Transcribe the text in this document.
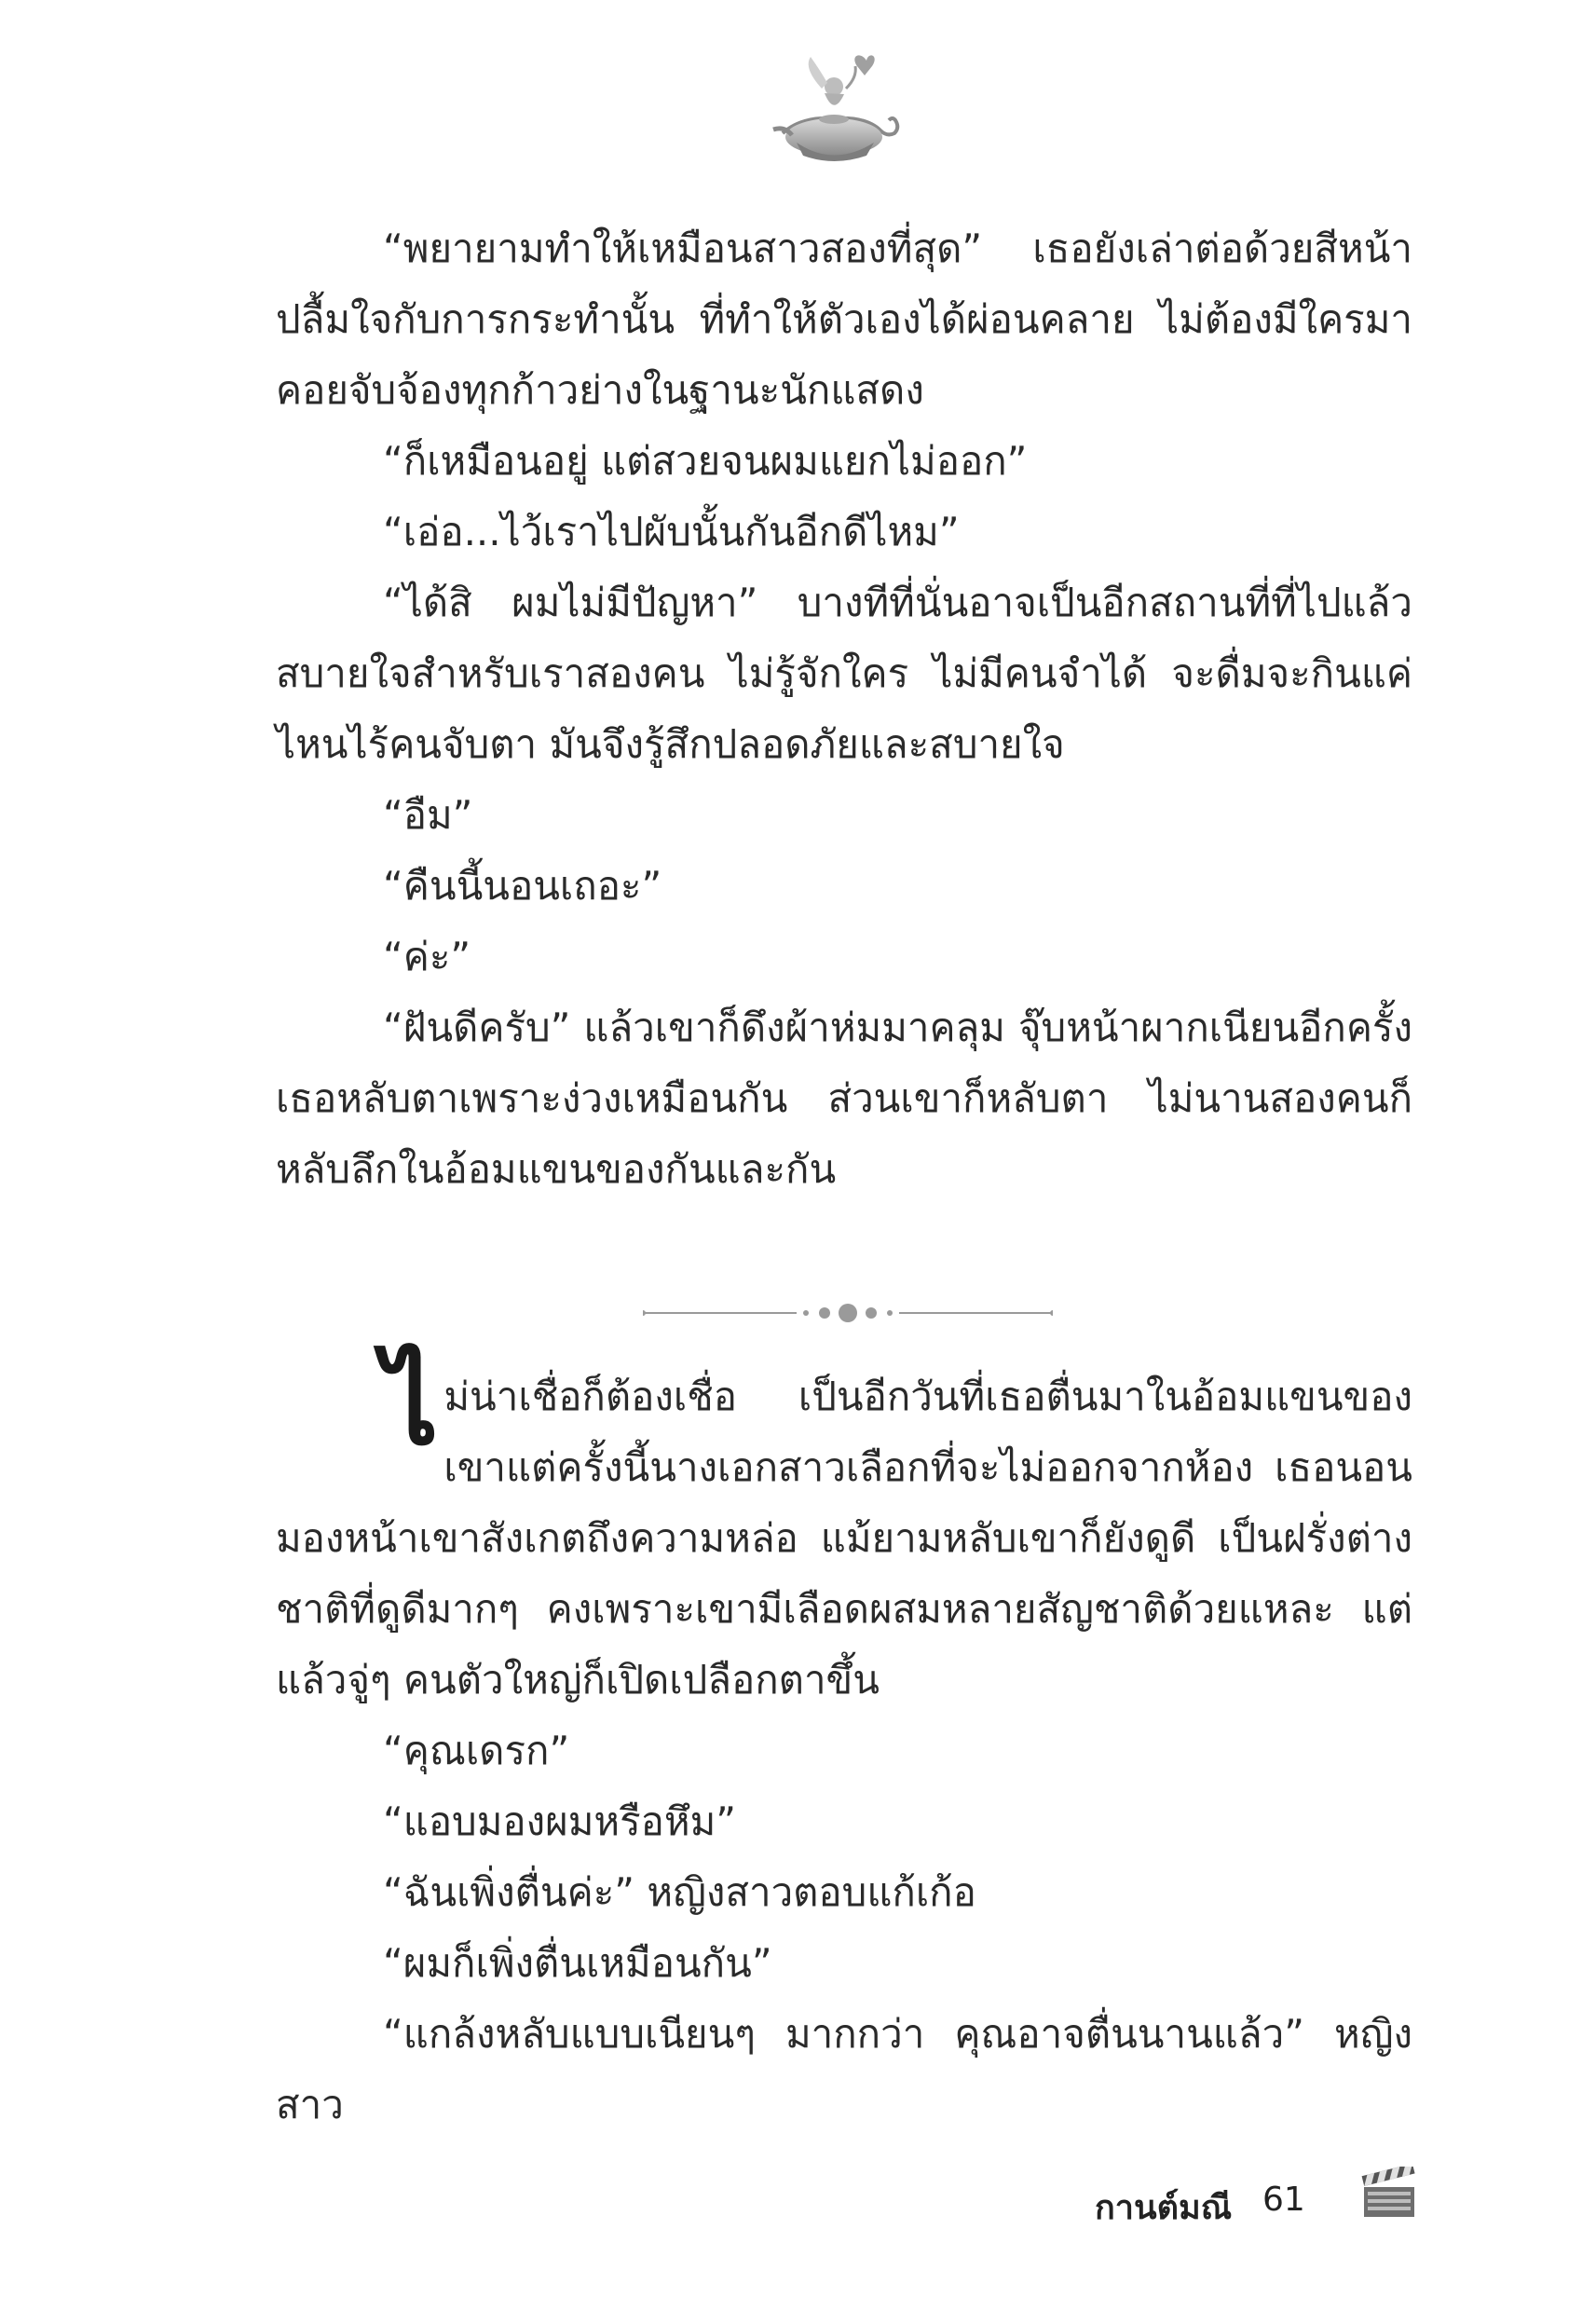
“พยายามทำให้เหมือนสาวสองที่สุด” เธอยังเล่าต่อด้วยสีหน้าปลื้มใจกับการกระทำนั้น ที่ทำให้ตัวเองได้ผ่อนคลาย ไม่ต้องมีใครมาคอยจับจ้องทุกก้าวย่างในฐานะนักแสดง

“ก็เหมือนอยู่ แต่สวยจนผมแยกไม่ออก”

“เอ่อ...ไว้เราไปผับนั้นกันอีกดีไหม”

“ได้สิ ผมไม่มีปัญหา” บางทีที่นั่นอาจเป็นอีกสถานที่ที่ไปแล้วสบายใจสำหรับเราสองคน ไม่รู้จักใคร ไม่มีคนจำได้ จะดื่มจะกินแค่ไหนไร้คนจับตา มันจึงรู้สึกปลอดภัยและสบายใจ

“อืม”

“คืนนี้นอนเถอะ”

“ค่ะ”

“ฝันดีครับ” แล้วเขาก็ดึงผ้าห่มมาคลุม จุ๊บหน้าผากเนียนอีกครั้ง เธอหลับตาเพราะง่วงเหมือนกัน ส่วนเขาก็หลับตา ไม่นานสองคนก็หลับลึกในอ้อมแขนของกันและกัน

ไม่น่าเชื่อก็ต้องเชื่อ เป็นอีกวันที่เธอตื่นมาในอ้อมแขนของเขาแต่ครั้งนี้นางเอกสาวเลือกที่จะไม่ออกจากห้อง เธอนอนมองหน้าเขาสังเกตถึงความหล่อ แม้ยามหลับเขาก็ยังดูดี เป็นฝรั่งต่างชาติที่ดูดีมากๆ คงเพราะเขามีเลือดผสมหลายสัญชาติด้วยแหละ แต่แล้วจู่ๆ คนตัวใหญ่ก็เปิดเปลือกตาขึ้น

“คุณเดรก”

“แอบมองผมหรือหึม”

“ฉันเพิ่งตื่นค่ะ” หญิงสาวตอบแก้เก้อ

“ผมก็เพิ่งตื่นเหมือนกัน”

“แกล้งหลับแบบเนียนๆ มากกว่า คุณอาจตื่นนานแล้ว” หญิงสาว

กานต์มณี 61
